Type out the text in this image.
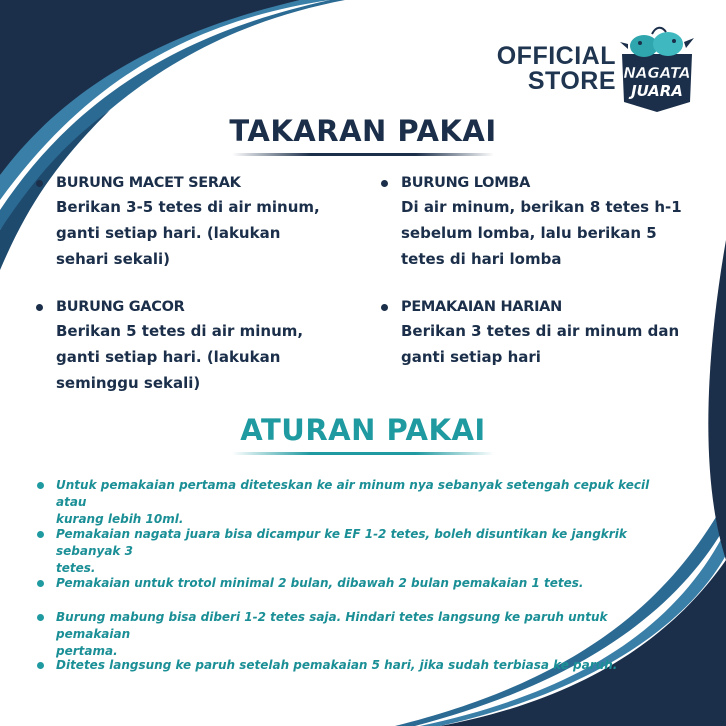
OFFICIAL
STORE NAGATA
JUARA
TAKARAN PAKAI
BURUNG MACET SERAK
Berikan 3-5 tetes di air minum,
ganti setiap hari. (lakukan
sehari sekali)
BURUNG LOMBA
Di air minum, berikan 8 tetes h-1
sebelum lomba, lalu berikan 5
tetes di hari lomba
BURUNG GACOR
Berikan 5 tetes di air minum,
ganti setiap hari. (lakukan
seminggu sekali)
PEMAKAIAN HARIAN
Berikan 3 tetes di air minum dan
ganti setiap hari
ATURAN PAKAI
Untuk pemakaian pertama diteteskan ke air minum nya sebanyak setengah cepuk kecil atau
kurang lebih 10ml.
Pemakaian nagata juara bisa dicampur ke EF 1-2 tetes, boleh disuntikan ke jangkrik sebanyak 3
tetes.
Pemakaian untuk trotol minimal 2 bulan, dibawah 2 bulan pemakaian 1 tetes.
Burung mabung bisa diberi 1-2 tetes saja. Hindari tetes langsung ke paruh untuk pemakaian
pertama.
Ditetes langsung ke paruh setelah pemakaian 5 hari, jika sudah terbiasa ke paruh.
